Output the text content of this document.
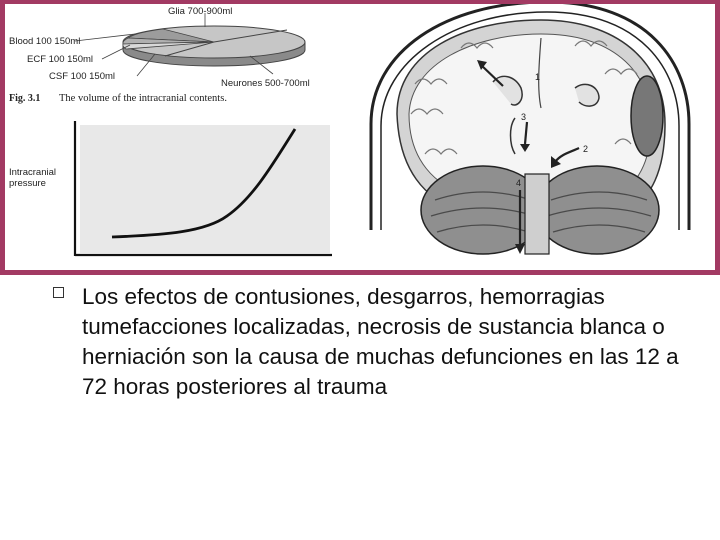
Glia 700-900ml
Blood 100 150ml
ECF 100 150ml
CSF 100 150ml
Neurones 500-700ml
Fig. 3.1 The volume of the intracranial contents.
Intracranial
pressure
1
2
3
4
Los efectos de contusiones, desgarros, hemorragias tumefacciones localizadas, necrosis de sustancia blanca o herniación son la causa de muchas defunciones en las 12 a 72 horas posteriores al trauma
